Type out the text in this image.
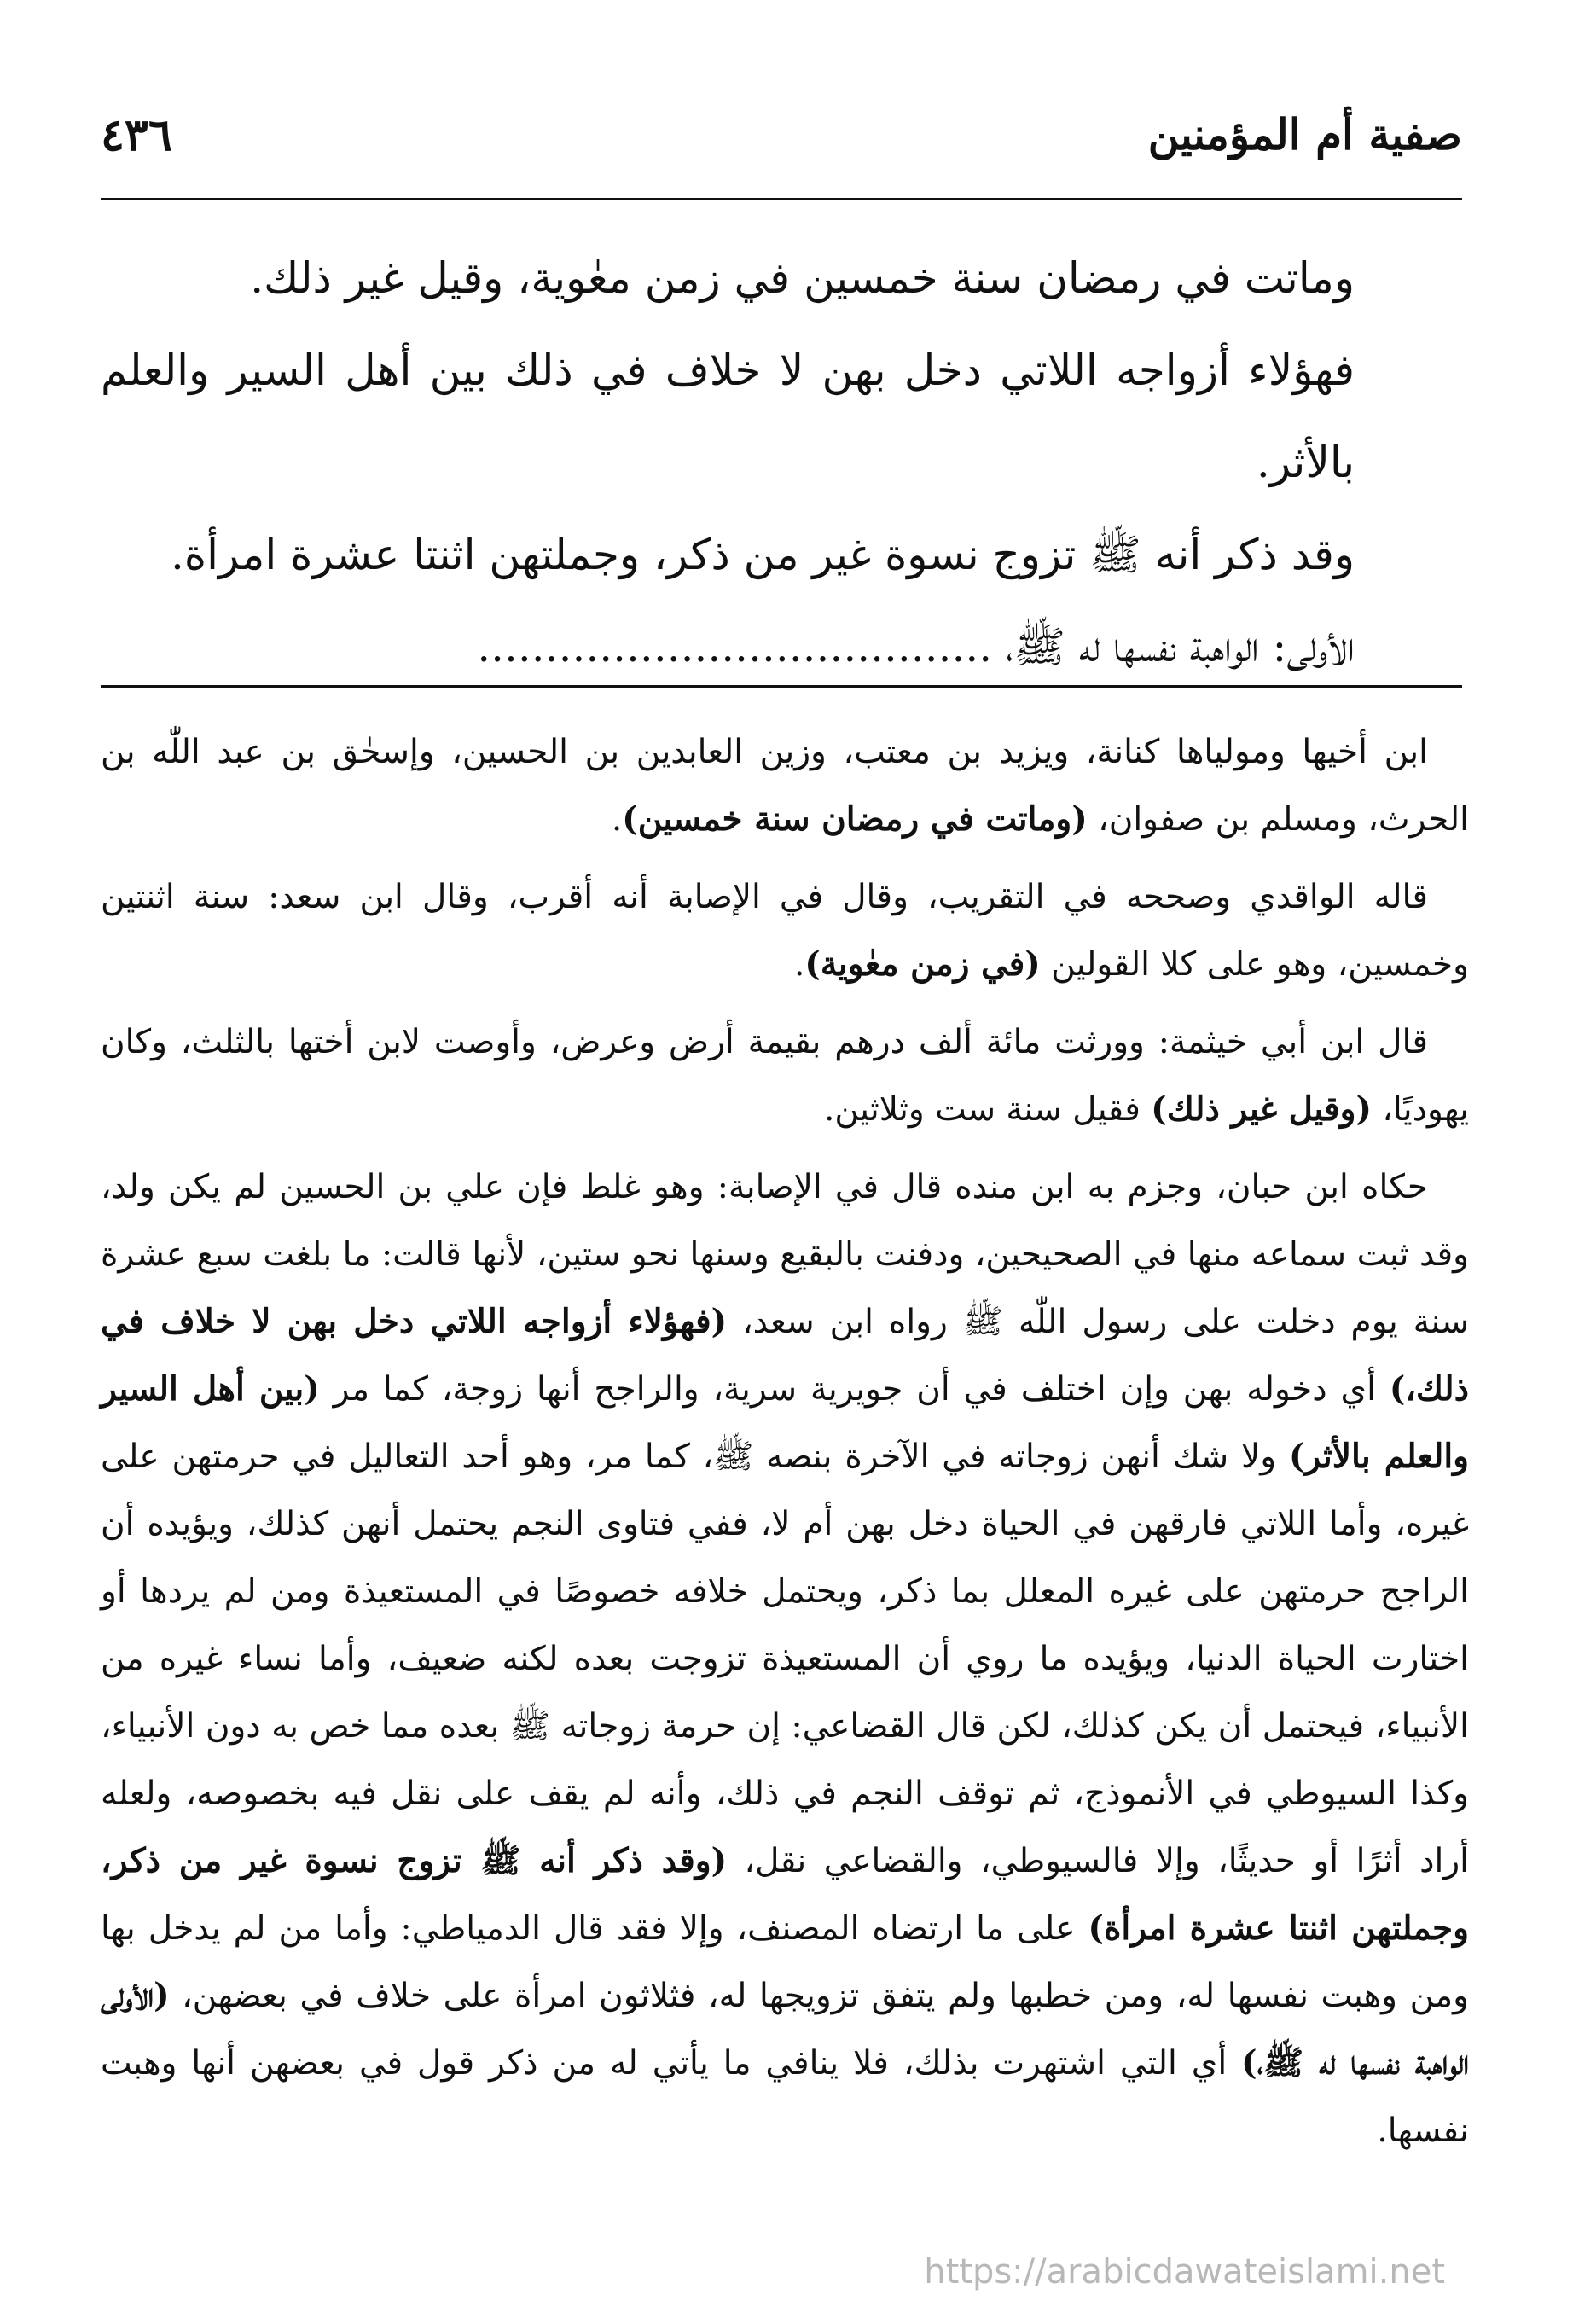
صفية أم المؤمنين
٤٣٦

وماتت في رمضان سنة خمسين في زمن معٰوية، وقيل غير ذلك.

فهؤلاء أزواجه اللاتي دخل بهن لا خلاف في ذلك بين أهل السير والعلم بالأثر.

وقد ذكر أنه ﷺ تزوج نسوة غير من ذكر، وجملتهن اثنتا عشرة امرأة.

الأولى: الواهبة نفسها له ﷺ، ......................................

ابن أخيها ومولياها كنانة، ويزيد بن معتب، وزين العابدين بن الحسين، وإسحٰق بن عبد اللّٰه بن الحرث، ومسلم بن صفوان، (وماتت في رمضان سنة خمسين).

قاله الواقدي وصححه في التقريب، وقال في الإصابة أنه أقرب، وقال ابن سعد: سنة اثنتين وخمسين، وهو على كلا القولين (في زمن معٰوية).

قال ابن أبي خيثمة: وورثت مائة ألف درهم بقيمة أرض وعرض، وأوصت لابن أختها بالثلث، وكان يهوديًا، (وقيل غير ذلك) فقيل سنة ست وثلاثين.

حكاه ابن حبان، وجزم به ابن منده قال في الإصابة: وهو غلط فإن علي بن الحسين لم يكن ولد، وقد ثبت سماعه منها في الصحيحين، ودفنت بالبقيع وسنها نحو ستين، لأنها قالت: ما بلغت سبع عشرة سنة يوم دخلت على رسول اللّٰه ﷺ رواه ابن سعد، (فهؤلاء أزواجه اللاتي دخل بهن لا خلاف في ذلك،) أي دخوله بهن وإن اختلف في أن جويرية سرية، والراجح أنها زوجة، كما مر (بين أهل السير والعلم بالأثر) ولا شك أنهن زوجاته في الآخرة بنصه ﷺ، كما مر، وهو أحد التعاليل في حرمتهن على غيره، وأما اللاتي فارقهن في الحياة دخل بهن أم لا، ففي فتاوى النجم يحتمل أنهن كذلك، ويؤيده أن الراجح حرمتهن على غيره المعلل بما ذكر، ويحتمل خلافه خصوصًا في المستعيذة ومن لم يردها أو اختارت الحياة الدنيا، ويؤيده ما روي أن المستعيذة تزوجت بعده لكنه ضعيف، وأما نساء غيره من الأنبياء، فيحتمل أن يكن كذلك، لكن قال القضاعي: إن حرمة زوجاته ﷺ بعده مما خص به دون الأنبياء، وكذا السيوطي في الأنموذج، ثم توقف النجم في ذلك، وأنه لم يقف على نقل فيه بخصوصه، ولعله أراد أثرًا أو حديثًا، وإلا فالسيوطي، والقضاعي نقل، (وقد ذكر أنه ﷺ تزوج نسوة غير من ذكر، وجملتهن اثنتا عشرة امرأة) على ما ارتضاه المصنف، وإلا فقد قال الدمياطي: وأما من لم يدخل بها ومن وهبت نفسها له، ومن خطبها ولم يتفق تزويجها له، فثلاثون امرأة على خلاف في بعضهن، (الأولى الواهبة نفسها له ﷺ،) أي التي اشتهرت بذلك، فلا ينافي ما يأتي له من ذكر قول في بعضهن أنها وهبت نفسها.

https://arabicdawateislami.net
